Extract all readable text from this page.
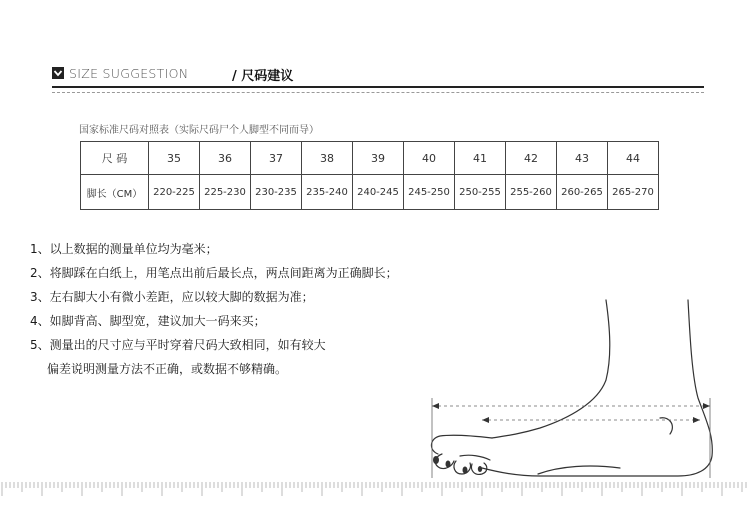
SIZE SUGGESTION	/ 尺码建议
国家标准尺码对照表（实际尺码尸个人脚型不同而导）
尺 码	35	36	37	38	39	40	41	42	43	44
脚长（CM）	220-225	225-230	230-235	235-240	240-245	245-250	250-255	255-260	260-265	265-270
1、以上数据的测量单位均为毫米；
2、将脚踩在白纸上，用笔点出前后最长点，两点间距离为正确脚长；
3、左右脚大小有微小差距，应以较大脚的数据为准；
4、如脚背高、脚型宽，建议加大一码来买；
5、测量出的尺寸应与平时穿着尺码大致相同，如有较大
偏差说明测量方法不正确，或数据不够精确。
